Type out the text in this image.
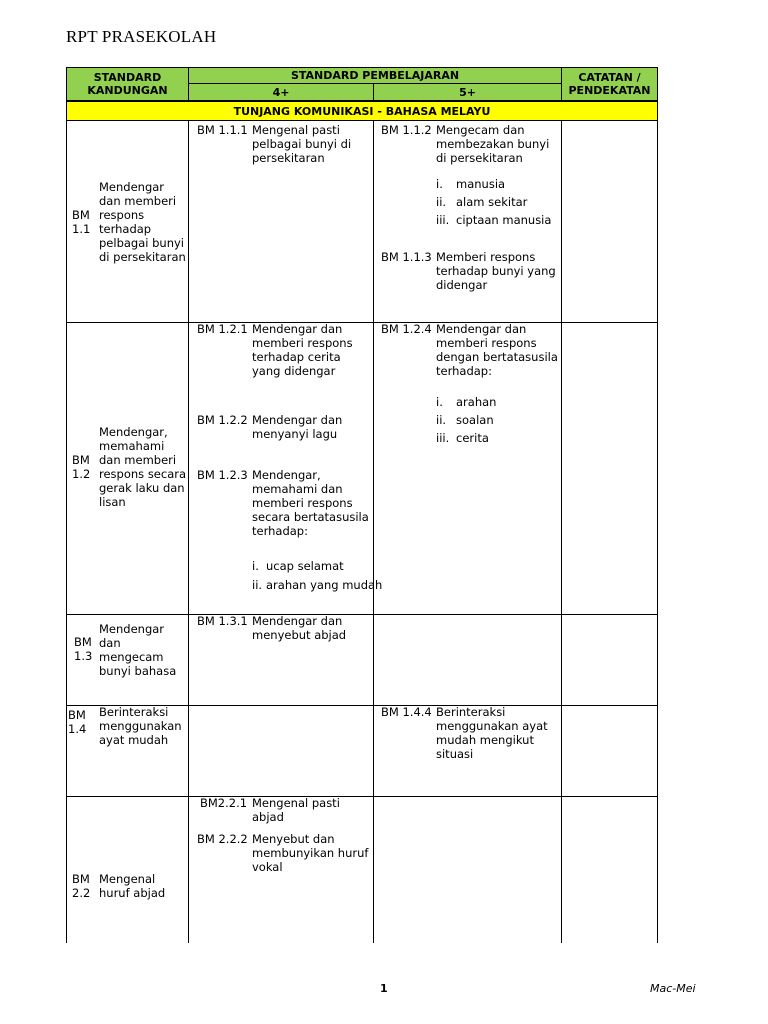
RPT PRASEKOLAH
STANDARD KANDUNGAN
STANDARD PEMBELAJARAN
4+	5+
CATATAN / PENDEKATAN
TUNJANG KOMUNIKASI - BAHASA MELAYU
BM
1.1
Mendengar
dan memberi
respons
terhadap
pelbagai bunyi
di persekitaran
BM 1.1.1 Mengenal pasti
pelbagai bunyi di
persekitaran
BM 1.1.2 Mengecam dan
membezakan bunyi
di persekitaran
i. manusia
ii. alam sekitar
iii. ciptaan manusia
BM 1.1.3 Memberi respons
terhadap bunyi yang
didengar
BM
1.2
Mendengar,
memahami
dan memberi
respons secara
gerak laku dan
lisan
BM 1.2.1 Mendengar dan
memberi respons
terhadap cerita
yang didengar
BM 1.2.2 Mendengar dan
menyanyi lagu
BM 1.2.3 Mendengar,
memahami dan
memberi respons
secara bertatasusila
terhadap:
i. ucap selamat
ii. arahan yang mudah
BM 1.2.4 Mendengar dan
memberi respons
dengan bertatasusila
terhadap:
i. arahan
ii. soalan
iii. cerita
BM
1.3
Mendengar
dan
mengecam
bunyi bahasa
BM 1.3.1 Mendengar dan
menyebut abjad
BM
1.4
Berinteraksi
menggunakan
ayat mudah
BM 1.4.4 Berinteraksi
menggunakan ayat
mudah mengikut
situasi
BM
2.2
Mengenal
huruf abjad
BM2.2.1 Mengenal pasti
abjad
BM 2.2.2 Menyebut dan
membunyikan huruf
vokal
1	Mac-Mei
